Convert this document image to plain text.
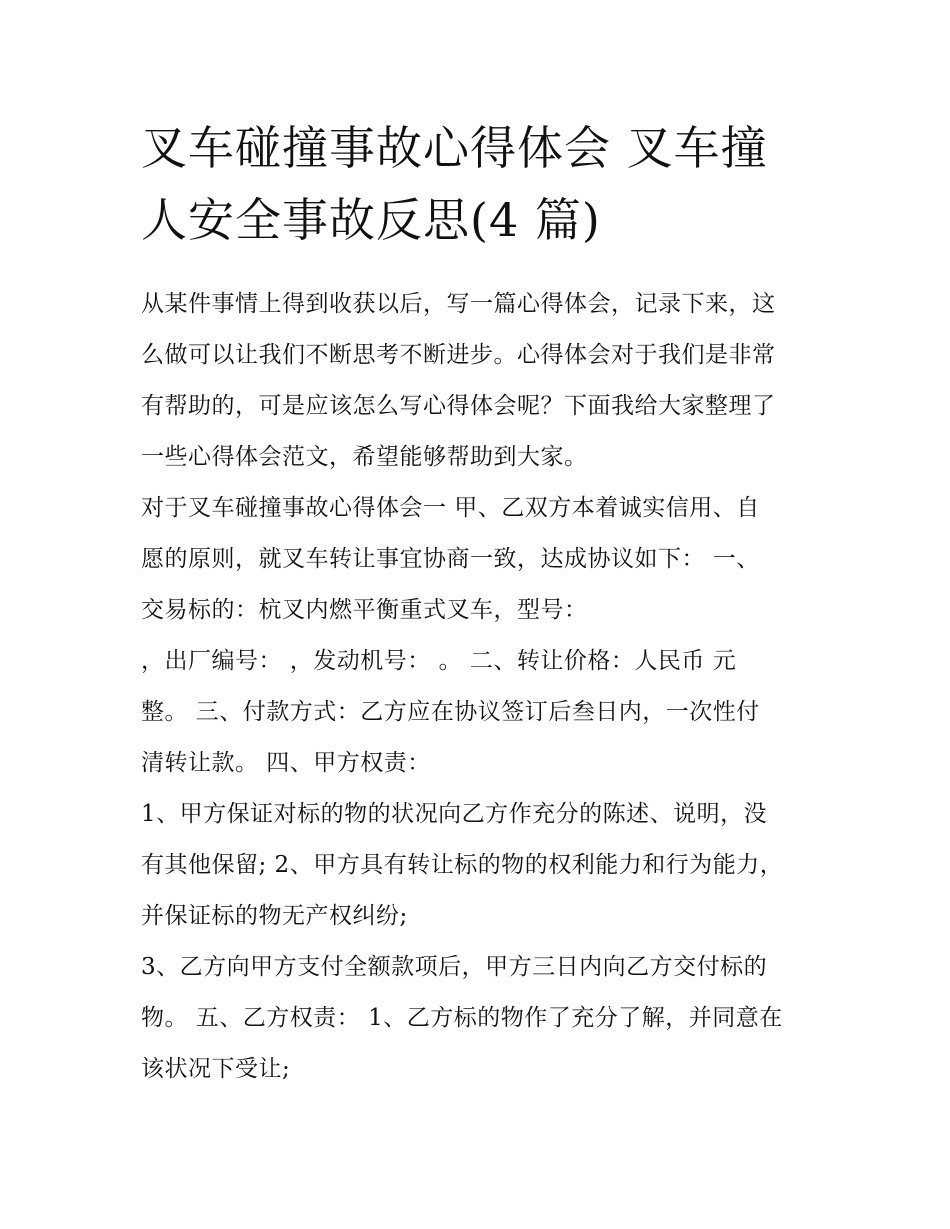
叉车碰撞事故心得体会 叉车撞
人安全事故反思(4 篇)
从某件事情上得到收获以后，写一篇心得体会，记录下来，这
么做可以让我们不断思考不断进步。心得体会对于我们是非常
有帮助的，可是应该怎么写心得体会呢？下面我给大家整理了
一些心得体会范文，希望能够帮助到大家。
对于叉车碰撞事故心得体会一 甲、乙双方本着诚实信用、自
愿的原则，就叉车转让事宜协商一致，达成协议如下： 一、
交易标的：杭叉内燃平衡重式叉车，型号：
，出厂编号： ，发动机号： 。 二、转让价格：人民币 元
整。 三、付款方式：乙方应在协议签订后叁日内，一次性付
清转让款。 四、甲方权责：
1、甲方保证对标的物的状况向乙方作充分的陈述、说明，没
有其他保留; 2、甲方具有转让标的物的权利能力和行为能力，
并保证标的物无产权纠纷;
3、乙方向甲方支付全额款项后，甲方三日内向乙方交付标的
物。 五、乙方权责： 1、乙方标的物作了充分了解，并同意在
该状况下受让;
